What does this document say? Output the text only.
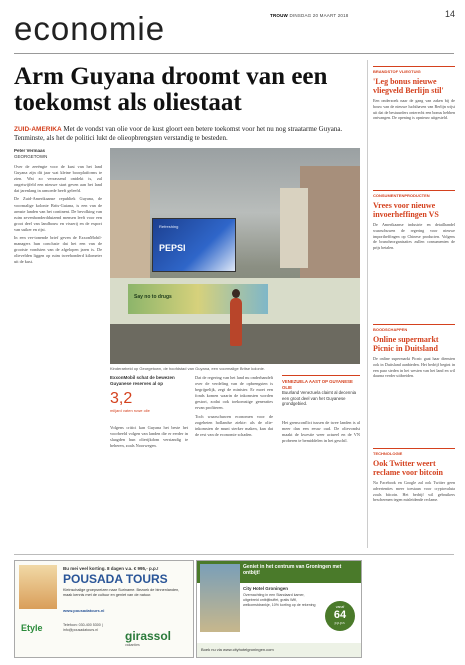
economie	TROUW DINSDAG 20 MAART 2018	14
Arm Guyana droomt van een toekomst als oliestaat
ZUID-AMERIKA Met de vondst van olie voor de kust gloort een betere toekomst voor het nu nog straatarme Guyana. Tenminste, als het de politici lukt de olieopbrengsten verstandig te besteden.
Peter Vermaas
GEORGETOWN

Over de zeeëngte voor de kust van het land Guyana zijn dit jaar wat kleine boorplatforms te zien. Wat zo verrassend ontdekt is, zal ongetwijfeld een nieuwe start geven aan het land dat jarenlang in armoede heeft geleefd.

De Zuid-Amerikaanse republiek Guyana, de voormalige kolonie Brits-Guiana, is een van de armste landen van het continent. De bevolking van ruim zevenhonderdduizend mensen leeft voor een groot deel van landbouw en visserij en de export van suiker en rijst.

In een ver-tonende brief geven de ExxonMobil-managers hun conclusie dat het een van de grootste vondsten van de afgelopen jaren is. De olievelden liggen op ruim tweehonderd kilometer uit de kust.

Refreshing
PEPSI
Say no to drugs
Kinderarbeid op Georgetown, de hoofdstad van Guyana, een voormalige Britse kolonie.
ExxonMobil schat de bewezen Guyanese reserves al op
3,2
miljard vaten ruwe olie

Volgens critici kan Guyana het beste het voorbeeld volgen van landen die er eerder in slaagden hun olierijkdom verstandig te beheren, zoals Noorwegen.

Dat de regering van het land nu onderhandelt over de verdeling van de opbrengsten is begrijpelijk, zegt de minister. Er moet een fonds komen waarin de inkomsten worden gestort, zodat ook toekomstige generaties ervan profiteren.

Toch waarschuwen economen voor de zogeheten hollandse ziekte: als de olie-inkomsten de munt sterker maken, kan dat de rest van de economie schaden.

VENEZUELA AAST OP GUYANESE OLIE
Buurland Venezuela claimt al decennia een groot deel van het Guyanese grondgebied.

Het grensconflict tussen de twee landen is al meer dan een eeuw oud. De olievondst maakt de kwestie weer actueel en de VN proberen te bemiddelen in het geschil.

BRANDSTOF VLIEGTUIG
'Leg bonus nieuwe vliegveld Berlijn stil'
Een onderzoek naar de gang van zaken bij de bouw van de nieuwe luchthaven van Berlijn wijst uit dat de bestuurders onterecht een bonus hebben ontvangen. De opening is opnieuw uitgesteld.
CONSUMENTENPRODUCTEN
Vrees voor nieuwe invoerheffingen VS
De Amerikaanse industrie en detailhandel waarschuwen de regering voor nieuwe importheffingen op Chinese producten. Volgens de brancheorganisaties zullen consumenten de prijs betalen.
BOODSCHAPPEN
Online supermarkt Picnic in Duitsland
De online supermarkt Picnic gaat haar diensten ook in Duitsland aanbieden. Het bedrijf begint in een paar steden in het westen van het land en wil daarna verder uitbreiden.
TECHNOLOGIE
Ook Twitter weert reclame voor bitcoin
Na Facebook en Google zal ook Twitter geen advertenties meer toestaan voor cryptovaluta zoals bitcoin. Het bedrijf wil gebruikers beschermen tegen misleidende reclame.
Bu mei veel korting. 8 dagen v.a. € 995,- p.p.!
POUSADA TOURS
Kleinschalige groepsreizen naar Suriname. Bezoek de binnenlanden, maak kennis met de cultuur en geniet van de natuur.
www.pousadatours.nl
Etyle	Telefoon: 030-400 5300 | info@pousadatours.nl	girassol
vakanties
Geniet in het centrum van Groningen met ontbijt!
City Hotel Groningen
Overnachting in een Standaard kamer, uitgebreid ontbijtbuffet, gratis Wifi, welkomstdrankje, 10% korting op de rekening	vanaf
64
p.p.p.n.
Boek nu via www.cityhotelgroningen.com
